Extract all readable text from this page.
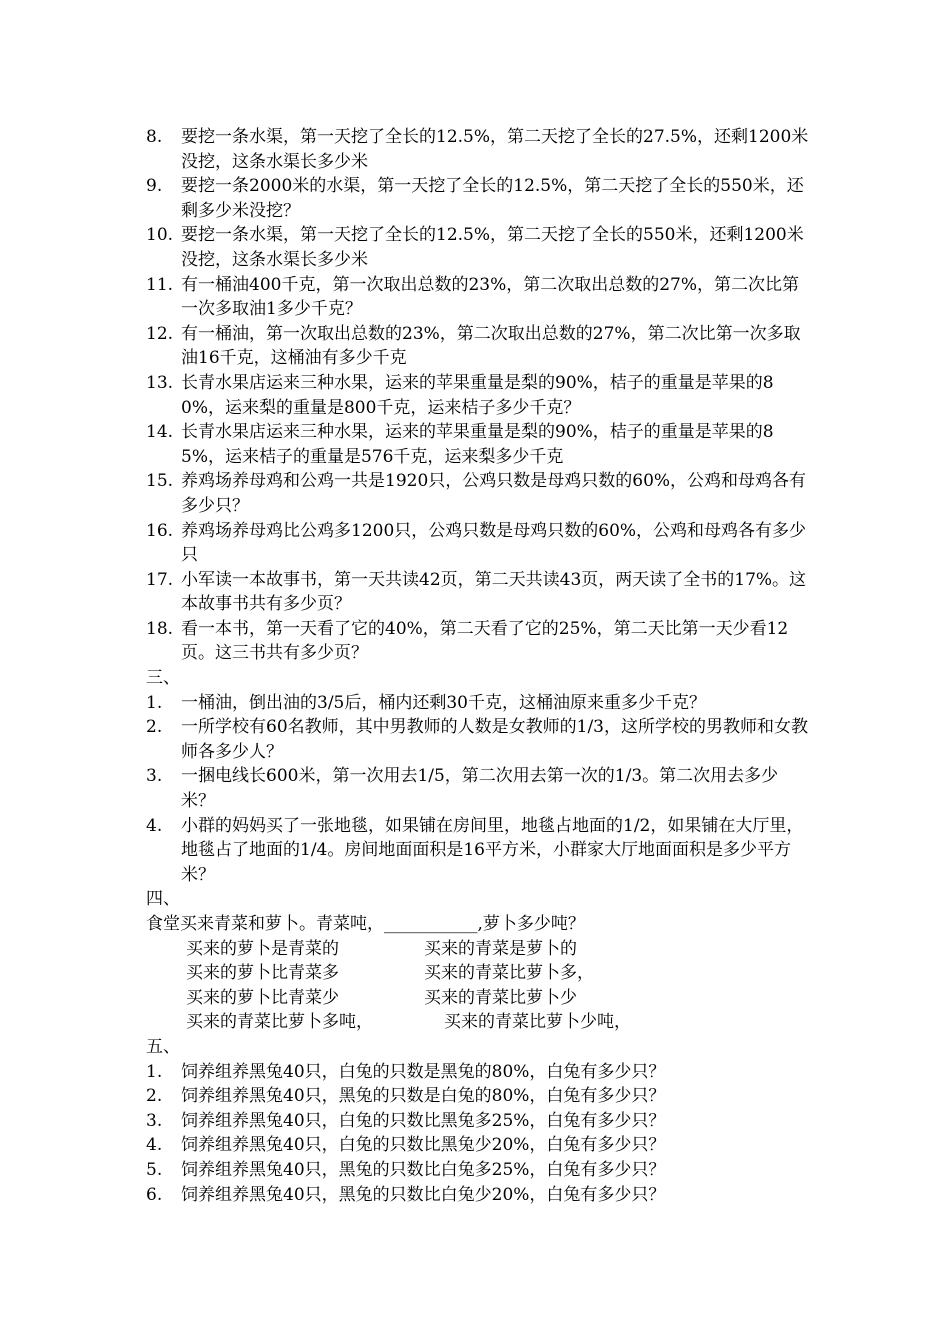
8.	要挖一条水渠，第一天挖了全长的12.5%，第二天挖了全长的27.5%，还剩1200米没挖，这条水渠长多少米
9.	要挖一条2000米的水渠，第一天挖了全长的12.5%，第二天挖了全长的550米，还剩多少米没挖？
10. 要挖一条水渠，第一天挖了全长的12.5%，第二天挖了全长的550米，还剩1200米没挖，这条水渠长多少米
11. 有一桶油400千克，第一次取出总数的23%，第二次取出总数的27%，第二次比第一次多取油1多少千克？
12. 有一桶油，第一次取出总数的23%，第二次取出总数的27%，第二次比第一次多取油16千克，这桶油有多少千克
13. 长青水果店运来三种水果，运来的苹果重量是梨的90%，桔子的重量是苹果的80%，运来梨的重量是800千克，运来桔子多少千克？
14. 长青水果店运来三种水果，运来的苹果重量是梨的90%，桔子的重量是苹果的85%，运来桔子的重量是576千克，运来梨多少千克
15. 养鸡场养母鸡和公鸡一共是1920只，公鸡只数是母鸡只数的60%，公鸡和母鸡各有多少只？
16. 养鸡场养母鸡比公鸡多1200只，公鸡只数是母鸡只数的60%，公鸡和母鸡各有多少只
17. 小军读一本故事书，第一天共读42页，第二天共读43页，两天读了全书的17%。这本故事书共有多少页？
18. 看一本书，第一天看了它的40%，第二天看了它的25%，第二天比第一天少看12页。这三书共有多少页？
三、
1.	一桶油，倒出油的3/5后，桶内还剩30千克，这桶油原来重多少千克？
2.	一所学校有60名教师，其中男教师的人数是女教师的1/3，这所学校的男教师和女教师各多少人？
3.	一捆电线长600米，第一次用去1/5，第二次用去第一次的1/3。第二次用去多少米？
4.	小群的妈妈买了一张地毯，如果铺在房间里，地毯占地面的1/2，如果铺在大厅里，地毯占了地面的1/4。房间地面面积是16平方米，小群家大厅地面面积是多少平方米？
四、
食堂买来青菜和萝卜。青菜吨，___________,萝卜多少吨？
买来的萝卜是青菜的	买来的青菜是萝卜的
买来的萝卜比青菜多	买来的青菜比萝卜多，
买来的萝卜比青菜少	买来的青菜比萝卜少
买来的青菜比萝卜多吨，	买来的青菜比萝卜少吨，
五、
1.	饲养组养黑兔40只，白兔的只数是黑兔的80%，白兔有多少只？
2.	饲养组养黑兔40只，黑兔的只数是白兔的80%，白兔有多少只？
3.	饲养组养黑兔40只，白兔的只数比黑兔多25%，白兔有多少只？
4.	饲养组养黑兔40只，白兔的只数比黑兔少20%，白兔有多少只？
5.	饲养组养黑兔40只，黑兔的只数比白兔多25%，白兔有多少只？
6.	饲养组养黑兔40只，黑兔的只数比白兔少20%，白兔有多少只？
